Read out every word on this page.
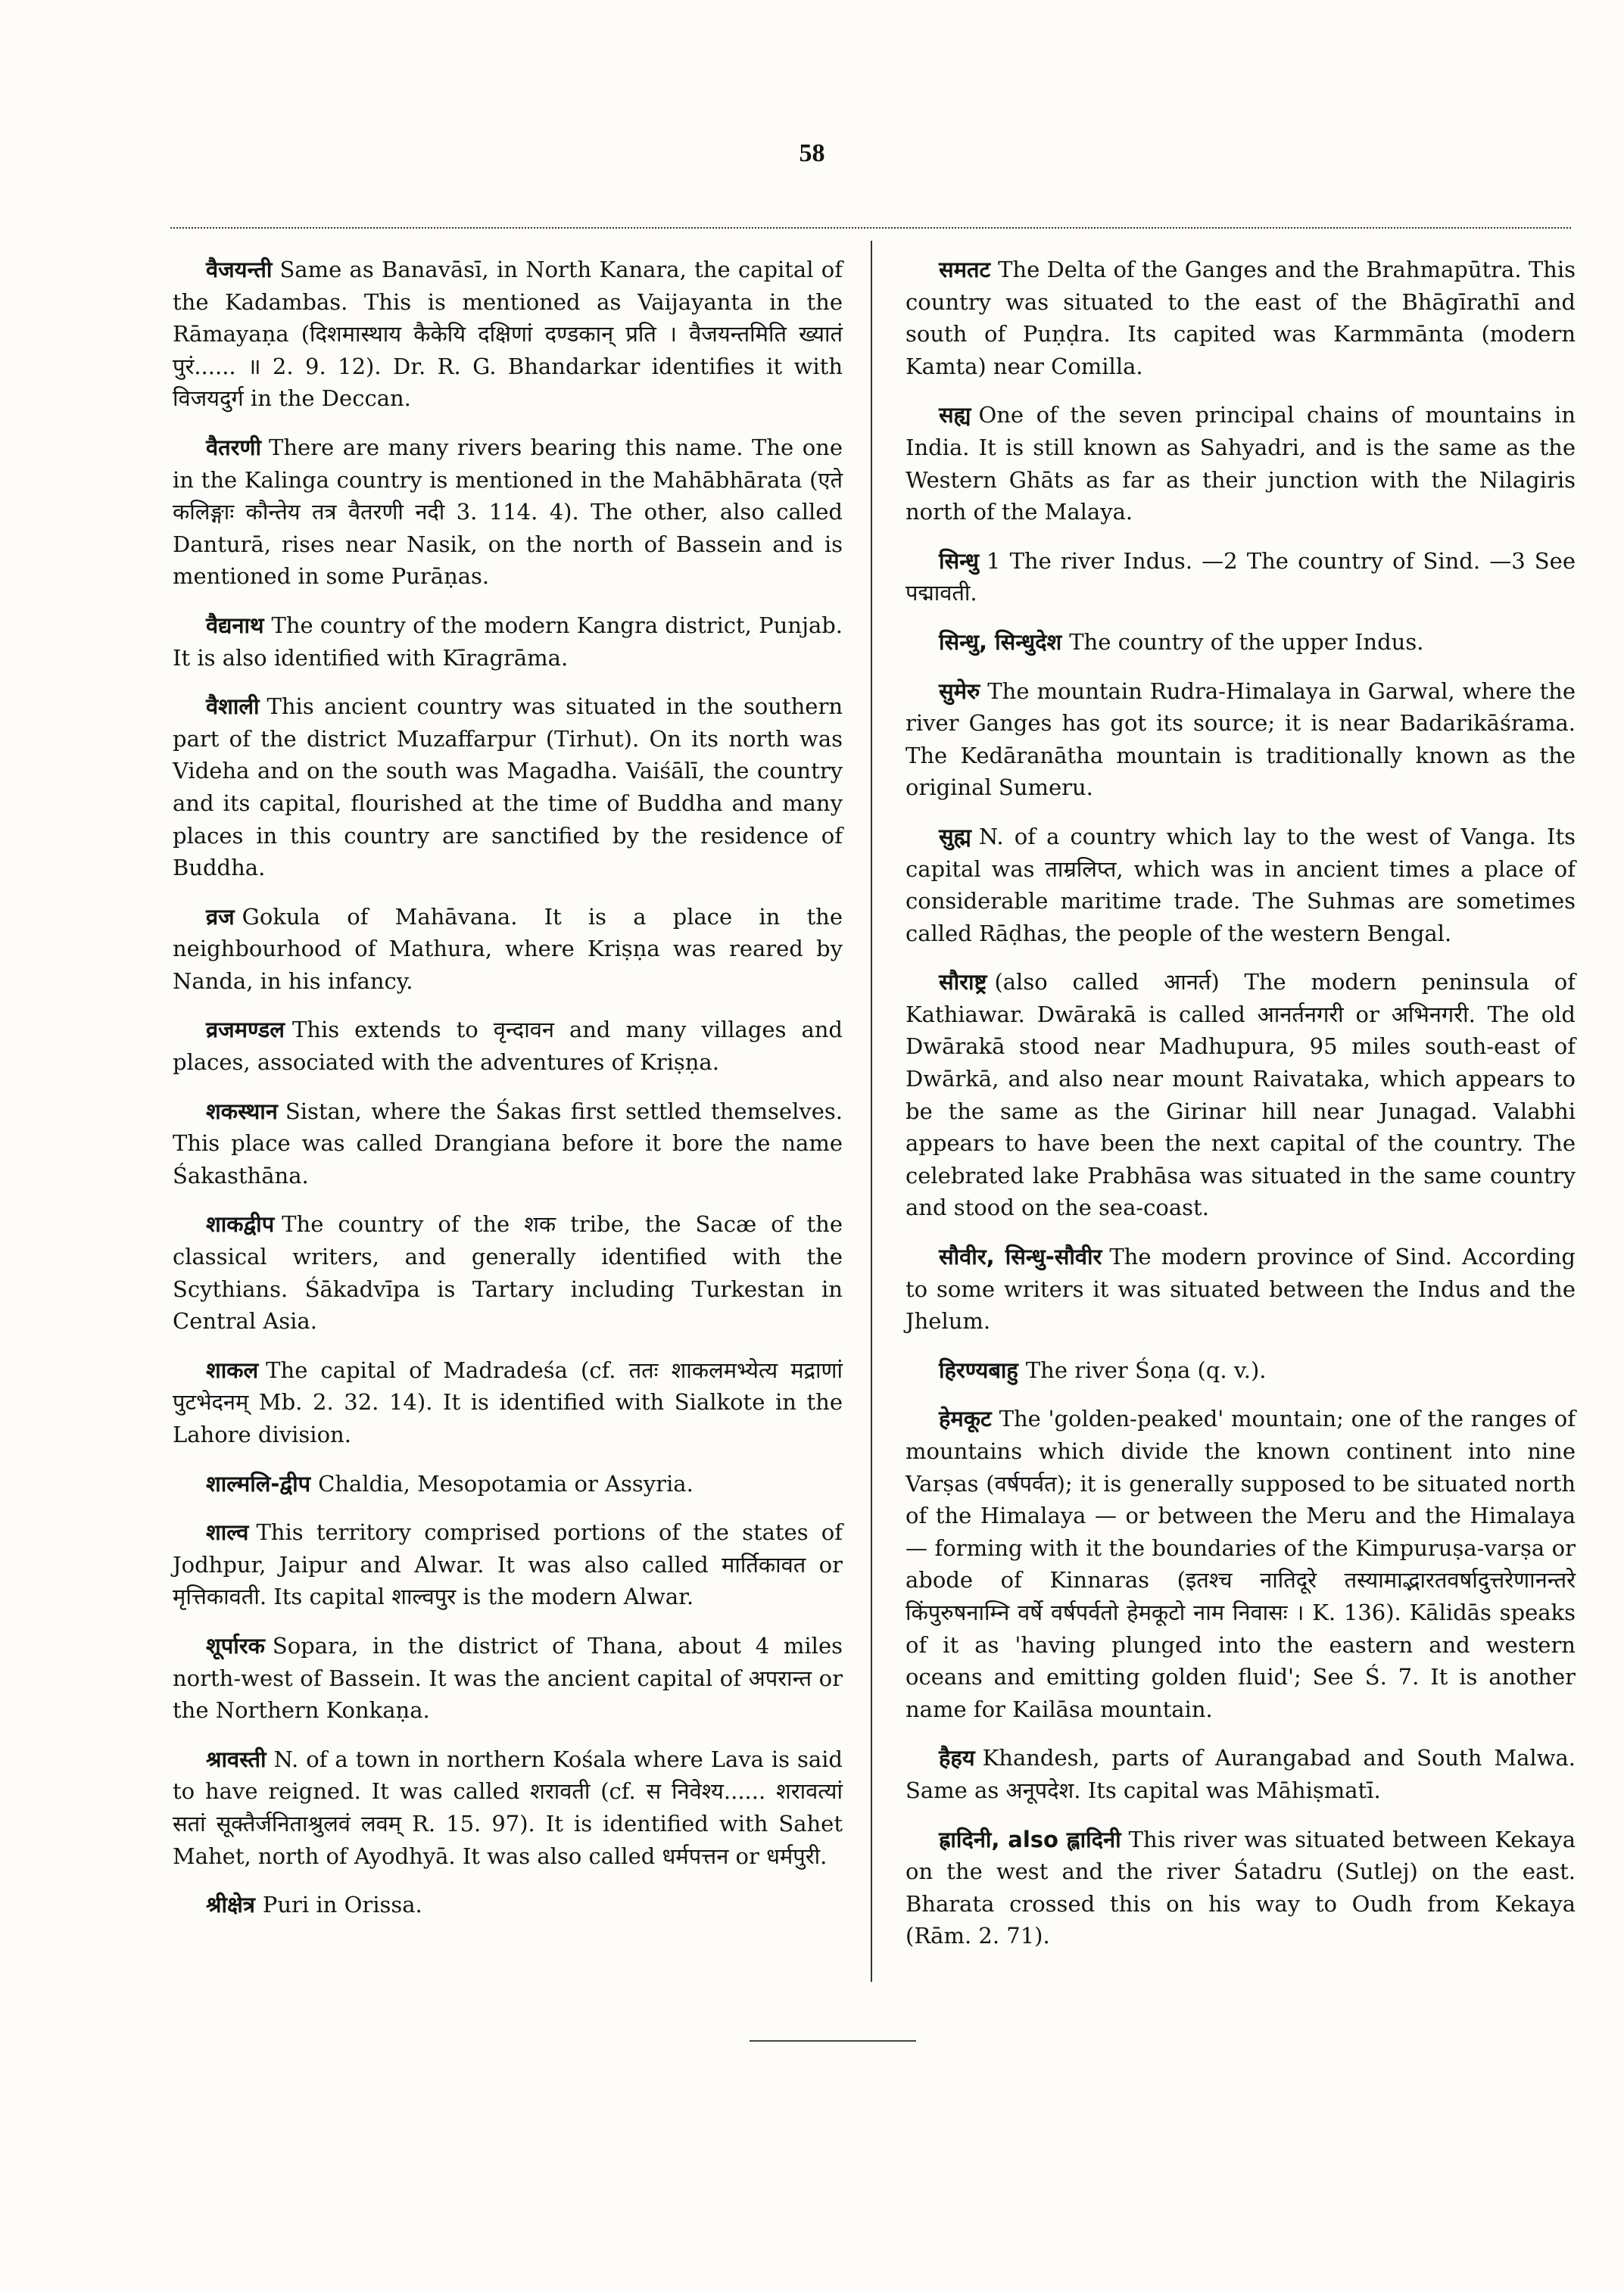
58

वैजयन्ती Same as Banavāsī, in North Kanara, the capital of the Kadambas. This is mentioned as Vaijayanta in the Rāmayaṇa (दिशमास्थाय कैकेयि दक्षिणां दण्डकान् प्रति । वैजयन्तमिति ख्यातं पुरं...... ॥ 2. 9. 12). Dr. R. G. Bhandarkar identifies it with विजयदुर्ग in the Deccan.

वैतरणी There are many rivers bearing this name. The one in the Kalinga country is mentioned in the Mahābhārata (एते कलिङ्गाः कौन्तेय तत्र वैतरणी नदी 3. 114. 4). The other, also called Danturā, rises near Nasik, on the north of Bassein and is mentioned in some Purāṇas.

वैद्यनाथ The country of the modern Kangra district, Punjab. It is also identified with Kīragrāma.

वैशाली This ancient country was situated in the southern part of the district Muzaffarpur (Tirhut). On its north was Videha and on the south was Magadha. Vaiśālī, the country and its capital, flourished at the time of Buddha and many places in this country are sanctified by the residence of Buddha.

व्रज Gokula of Mahāvana. It is a place in the neighbourhood of Mathura, where Kriṣṇa was reared by Nanda, in his infancy.

व्रजमण्डल This extends to वृन्दावन and many villages and places, associated with the adventures of Kriṣṇa.

शकस्थान Sistan, where the Śakas first settled themselves. This place was called Drangiana before it bore the name Śakasthāna.

शाकद्वीप The country of the शक tribe, the Sacæ of the classical writers, and generally identified with the Scythians. Śākadvīpa is Tartary including Turkestan in Central Asia.

शाकल The capital of Madradeśa (cf. ततः शाकलमभ्येत्य मद्राणां पुटभेदनम् Mb. 2. 32. 14). It is identified with Sialkote in the Lahore division.

शाल्मलि-द्वीप Chaldia, Mesopotamia or Assyria.

शाल्व This territory comprised portions of the states of Jodhpur, Jaipur and Alwar. It was also called मार्तिकावत or मृत्तिकावती. Its capital शाल्वपुर is the modern Alwar.

शूर्पारक Sopara, in the district of Thana, about 4 miles north-west of Bassein. It was the ancient capital of अपरान्त or the Northern Konkaṇa.

श्रावस्ती N. of a town in northern Kośala where Lava is said to have reigned. It was called शरावती (cf. स निवेश्य...... शरावत्यां सतां सूक्तैर्जनिताश्रुलवं लवम् R. 15. 97). It is identified with Sahet Mahet, north of Ayodhyā. It was also called धर्मपत्तन or धर्मपुरी.

श्रीक्षेत्र Puri in Orissa.

समतट The Delta of the Ganges and the Brahmapūtra. This country was situated to the east of the Bhāgīrathī and south of Puṇḍra. Its capited was Karmmānta (modern Kamta) near Comilla.

सह्य One of the seven principal chains of mountains in India. It is still known as Sahyadri, and is the same as the Western Ghāts as far as their junction with the Nilagiris north of the Malaya.

सिन्धु 1 The river Indus. —2 The country of Sind. —3 See पद्मावती.

सिन्धु, सिन्धुदेश The country of the upper Indus.

सुमेरु The mountain Rudra-Himalaya in Garwal, where the river Ganges has got its source; it is near Badarikāśrama. The Kedāranātha mountain is traditionally known as the original Sumeru.

सुह्म N. of a country which lay to the west of Vanga. Its capital was ताम्रलिप्त, which was in ancient times a place of considerable maritime trade. The Suhmas are sometimes called Rāḍhas, the people of the western Bengal.

सौराष्ट्र (also called आनर्त) The modern peninsula of Kathiawar. Dwārakā is called आनर्तनगरी or अभिनगरी. The old Dwārakā stood near Madhupura, 95 miles south-east of Dwārkā, and also near mount Raivataka, which appears to be the same as the Girinar hill near Junagad. Valabhi appears to have been the next capital of the country. The celebrated lake Prabhāsa was situated in the same country and stood on the sea-coast.

सौवीर, सिन्धु-सौवीर The modern province of Sind. According to some writers it was situated between the Indus and the Jhelum.

हिरण्यबाहु The river Śoṇa (q. v.).

हेमकूट The 'golden-peaked' mountain; one of the ranges of mountains which divide the known continent into nine Varṣas (वर्षपर्वत); it is generally supposed to be situated north of the Himalaya — or between the Meru and the Himalaya — forming with it the boundaries of the Kimpuruṣa-varṣa or abode of Kinnaras (इतश्च नातिदूरे तस्यामाद्भारतवर्षादुत्तरेणानन्तरे किंपुरुषनाम्नि वर्षे वर्षपर्वतो हेमकूटो नाम निवासः । K. 136). Kālidās speaks of it as 'having plunged into the eastern and western oceans and emitting golden fluid'; See Ś. 7. It is another name for Kailāsa mountain.

हैहय Khandesh, parts of Aurangabad and South Malwa. Same as अनूपदेश. Its capital was Māhiṣmatī.

ह्रादिनी, also ह्लादिनी This river was situated between Kekaya on the west and the river Śatadru (Sutlej) on the east. Bharata crossed this on his way to Oudh from Kekaya (Rām. 2. 71).
